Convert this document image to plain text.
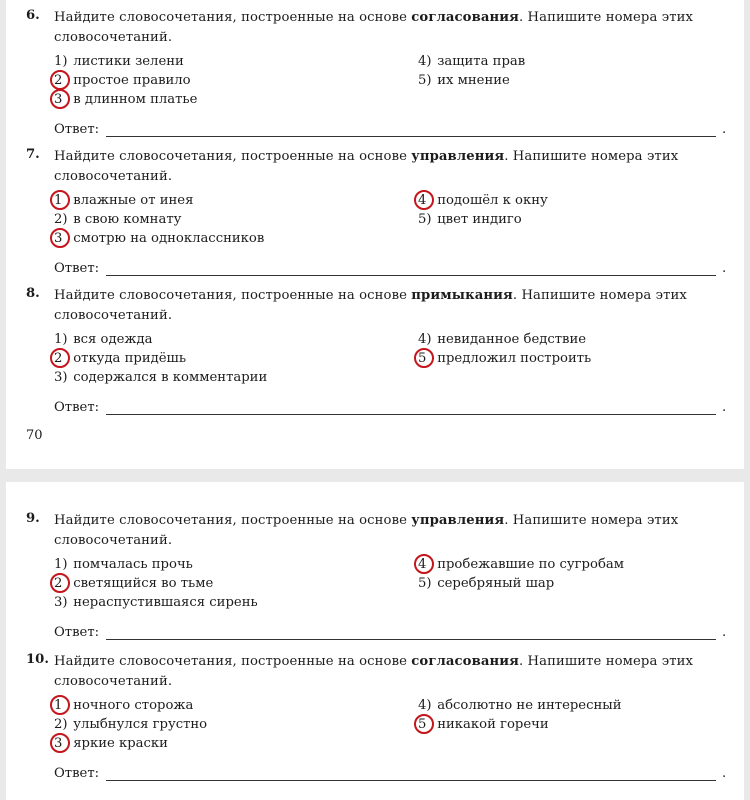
6. Найдите словосочетания, построенные на основе согласования. Напишите номера этих словосочетаний.
1) листики зелени
2 простое правило
3 в длинном платье
4) защита прав
5) их мнение
Ответ:	.
7. Найдите словосочетания, построенные на основе управления. Напишите номера этих словосочетаний.
1 влажные от инея
2) в свою комнату
3 смотрю на одноклассников
4 подошёл к окну
5) цвет индиго
Ответ:	.
8. Найдите словосочетания, построенные на основе примыкания. Напишите номера этих словосочетаний.
1) вся одежда
2 откуда придёшь
3) содержался в комментарии
4) невиданное бедствие
5 предложил построить
Ответ:	.
70
9. Найдите словосочетания, построенные на основе управления. Напишите номера этих словосочетаний.
1) помчалась прочь
2 светящийся во тьме
3) нераспустившаяся сирень
4 пробежавшие по сугробам
5) серебряный шар
Ответ:	.
10. Найдите словосочетания, построенные на основе согласования. Напишите номера этих словосочетаний.
1 ночного сторожа
2) улыбнулся грустно
3 яркие краски
4) абсолютно не интересный
5 никакой горечи
Ответ:	.
